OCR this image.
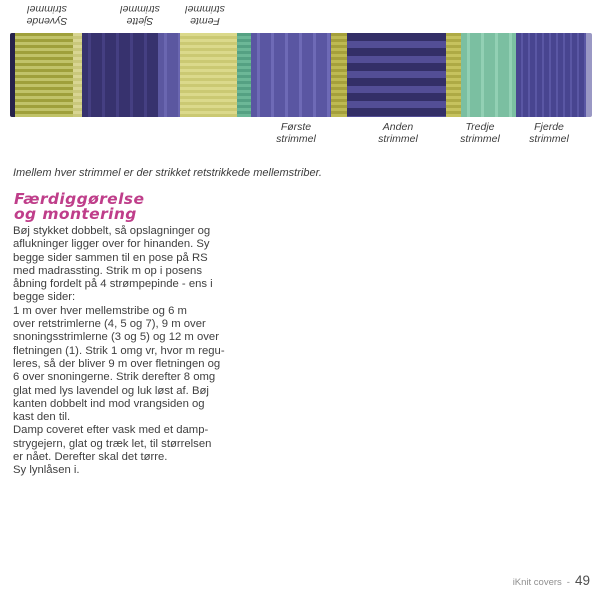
Syvende
strimmel
Sjette
strimmel
Femte
strimmel
Første
strimmel
Anden
strimmel
Tredje
strimmel
Fjerde
strimmel
Imellem hver strimmel er der strikket retstrikkede mellemstriber.
Færdiggørelse
og montering
Bøj stykket dobbelt, så opslagninger og
aflukninger ligger over for hinanden. Sy
begge sider sammen til en pose på RS
med madrassting. Strik m op i posens
åbning fordelt på 4 strømpepinde - ens i
begge sider:
1 m over hver mellemstribe og 6 m
over retstrimlerne (4, 5 og 7), 9 m over
snoningsstrimlerne (3 og 5) og 12 m over
fletningen (1). Strik 1 omg vr, hvor m regu-
leres, så der bliver 9 m over fletningen og
6 over snoningerne. Strik derefter 8 omg
glat med lys lavendel og luk løst af. Bøj
kanten dobbelt ind mod vrangsiden og
kast den til.
Damp coveret efter vask med et damp-
strygejern, glat og træk let, til størrelsen
er nået. Derefter skal det tørre.
Sy lynlåsen i.
iKnit covers - 49
